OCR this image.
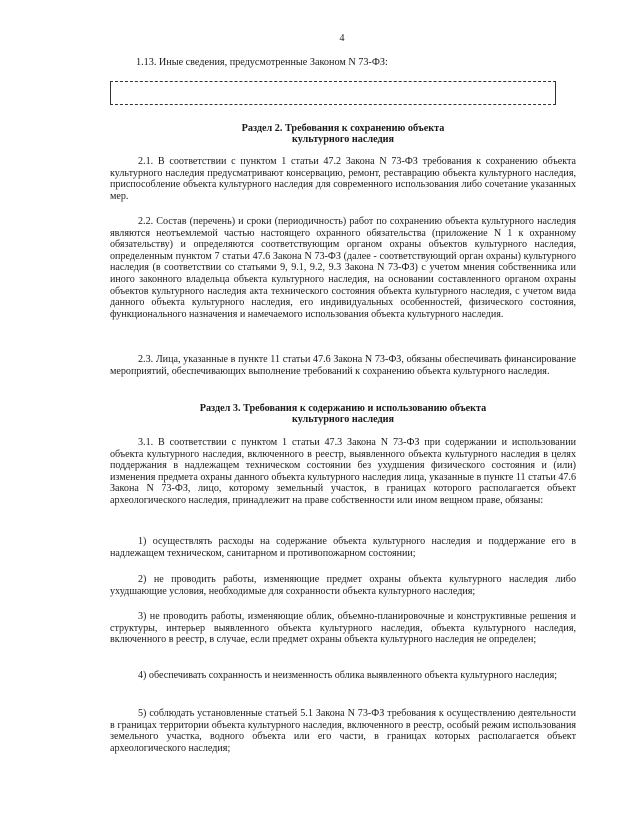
4
1.13. Иные сведения, предусмотренные Законом N 73-ФЗ:
Раздел 2. Требования к сохранению объекта
культурного наследия

2.1. В соответствии с пунктом 1 статьи 47.2 Закона N 73-ФЗ требования к сохранению объекта культурного наследия предусматривают консервацию, ремонт, реставрацию объекта культурного наследия, приспособление объекта культурного наследия для современного использования либо сочетание указанных мер.

2.2. Состав (перечень) и сроки (периодичность) работ по сохранению объекта культурного наследия являются неотъемлемой частью настоящего охранного обязательства (приложение N 1 к охранному обязательству) и определяются соответствующим органом охраны объектов культурного наследия, определенным пунктом 7 статьи 47.6 Закона N 73-ФЗ (далее - соответствующий орган охраны) культурного наследия (в соответствии со статьями 9, 9.1, 9.2, 9.3 Закона N 73-ФЗ) с учетом мнения собственника или иного законного владельца объекта культурного наследия, на основании составленного органом охраны объектов культурного наследия акта технического состояния объекта культурного наследия, с учетом вида данного объекта культурного наследия, его индивидуальных особенностей, физического состояния, функционального назначения и намечаемого использования объекта культурного наследия.

2.3. Лица, указанные в пункте 11 статьи 47.6 Закона N 73-ФЗ, обязаны обеспечивать финансирование мероприятий, обеспечивающих выполнение требований к сохранению объекта культурного наследия.

Раздел 3. Требования к содержанию и использованию объекта
культурного наследия

3.1. В соответствии с пунктом 1 статьи 47.3 Закона N 73-ФЗ при содержании и использовании объекта культурного наследия, включенного в реестр, выявленного объекта культурного наследия в целях поддержания в надлежащем техническом состоянии без ухудшения физического состояния и (или) изменения предмета охраны данного объекта культурного наследия лица, указанные в пункте 11 статьи 47.6 Закона N 73-ФЗ, лицо, которому земельный участок, в границах которого располагается объект археологического наследия, принадлежит на праве собственности или ином вещном праве, обязаны:

1) осуществлять расходы на содержание объекта культурного наследия и поддержание его в надлежащем техническом, санитарном и противопожарном состоянии;

2) не проводить работы, изменяющие предмет охраны объекта культурного наследия либо ухудшающие условия, необходимые для сохранности объекта культурного наследия;

3) не проводить работы, изменяющие облик, объемно-планировочные и конструктивные решения и структуры, интерьер выявленного объекта культурного наследия, объекта культурного наследия, включенного в реестр, в случае, если предмет охраны объекта культурного наследия не определен;

4) обеспечивать сохранность и неизменность облика выявленного объекта культурного наследия;

5) соблюдать установленные статьей 5.1 Закона N 73-ФЗ требования к осуществлению деятельности в границах территории объекта культурного наследия, включенного в реестр, особый режим использования земельного участка, водного объекта или его части, в границах которых располагается объект археологического наследия;
